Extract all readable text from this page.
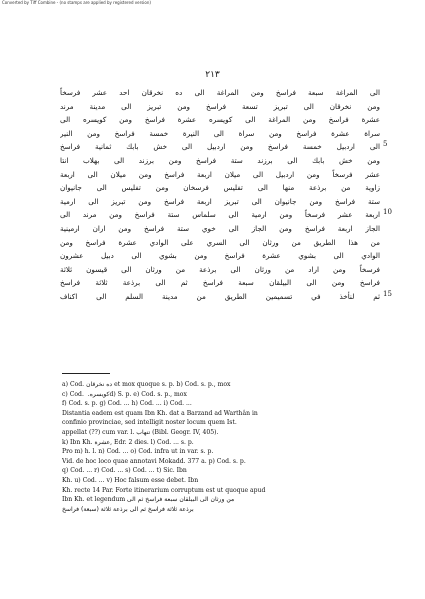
Converted by Tiff Combine - (no stamps are applied by registered version)
٢١٣
الى المراغة سبعة فراسخ ومن المراغة الى ده نخرقان احد عشر فرسخاً
ومن نخرقان الى تبريز تسعة فراسخ ومن تبريز الى مدينة مرند
عشرة فراسخ ومن المراغة الى كويسره عشرة فراسخ ومن كويسره الى
سراة عشرة فراسخ ومن سراة الى النيرة خمسة فراسخ ومن النير
الى اردبيل خمسة فراسخ ومن اردبيل الى خش بابك ثمانية فراسخ
ومن خش بابك الى برزند ستة فراسخ ومن برزند الى بهلاب انتا
عشر فرسخاً ومن اردبيل الى ميلان اربعة فراسخ ومن ميلان الى اربعة
زاوية من برذعة منها الى تفليس فرسخان ومن تفليس الى جانيوان
ستة فراسخ ومن جانيوان الى تبريز اربعة فراسخ ومن تبريز الى ارمية
اربعة عشر فرسخاً ومن ارمية الى سلماس ستة فراسخ ومن مرند الى
الجاز اربعة فراسخ ومن الجاز الى خوي ستة فراسخ ومن اران ارمينية
من هذا الطريق من ورثان الى السري على الوادي عشرة فراسخ ومن
الوادي الى بشوي عشرة فراسخ ومن بشوي الى دبيل عشرون
فرسخاً ومن اراد من ورثان الى برذعة من ورثان الى قيسون ثلاثة
فراسخ ومن الى البيلقان سبعة فراسخ ثم الى برذعة ثلاثة فراسخ
ثم لنأخذ في تسميمين الطريق من مدينة السلم الى اكناف
a) Cod. ده نخرقان et mox quoque s. p. b) Cod. s. p., mox
c) Cod. کویسره. ‏d) S. p. e) Cod. s. p., mox
f) Cod. s. p. g) Cod. ... h) Cod. ... i) Cod. ...
Distantia eadem est quam Ibn Kh. dat a Barzand ad Warthân in
confinio provinciae, sed intelligit noster locum quem Ist.
appellat (??) cum var. l. تنهاب (Bibl. Geogr. IV, 405).
k) Ibn Kh. عشرة, Edr. 2 dies. l) Cod. ... s. p.
Pro m) h. l. n) Cod. ... o) Cod. infra ut in var. s. p.
Vid. de hoc loco quae annotavi Mokadd. 377 a. p) Cod. s. p.
q) Cod. ... r) Cod. ... s) Cod. ... t) Sic. Ibn
Kh. u) Cod. ... v) Hoc falsum esse debet. Ibn
Kh. recte 14 Par. Forte itinerarium corruptum est ut quoque apud
Ibn Kh. et legendum من ورثان الى البيلقان سبعة فراسخ ثم الى
برذعة ثلاثة فراسخ ثم الى برذعة ثلاثة (سبعة) فراسخ
5
10
15
